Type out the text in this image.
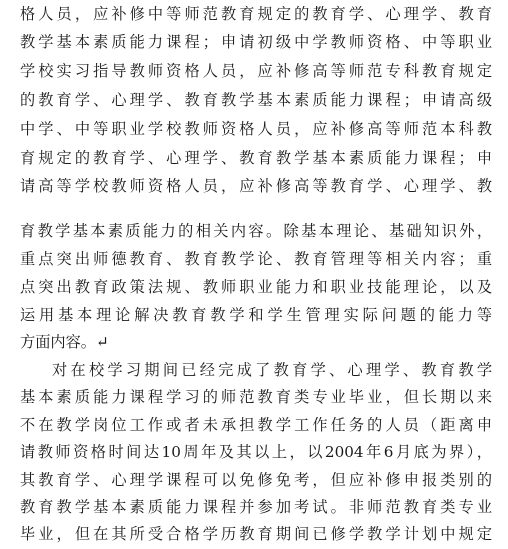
格人员，应补修中等师范教育规定的教育学、心理学、教育
教学基本素质能力课程；申请初级中学教师资格、中等职业
学校实习指导教师资格人员，应补修高等师范专科教育规定
的教育学、心理学、教育教学基本素质能力课程；申请高级
中学、中等职业学校教师资格人员，应补修高等师范本科教
育规定的教育学、心理学、教育教学基本素质能力课程；申
请高等学校教师资格人员，应补修高等教育学、心理学、教
育教学基本素质能力的相关内容。除基本理论、基础知识外，
重点突出师德教育、教育教学论、教育管理等相关内容；重
点突出教育政策法规、教师职业能力和职业技能理论，以及
运用基本理论解决教育教学和学生管理实际问题的能力等
方面内容。↵
对在校学习期间已经完成了教育学、心理学、教育教学
基本素质能力课程学习的师范教育类专业毕业，但长期以来
不在教学岗位工作或者未承担教学工作任务的人员（距离申
请教师资格时间达10周年及其以上，以2004年6月底为界），
其教育学、心理学课程可以免修免考，但应补修申报类别的
教育教学基本素质能力课程并参加考试。非师范教育类专业
毕业，但在其所受合格学历教育期间已修学教学计划中规定
